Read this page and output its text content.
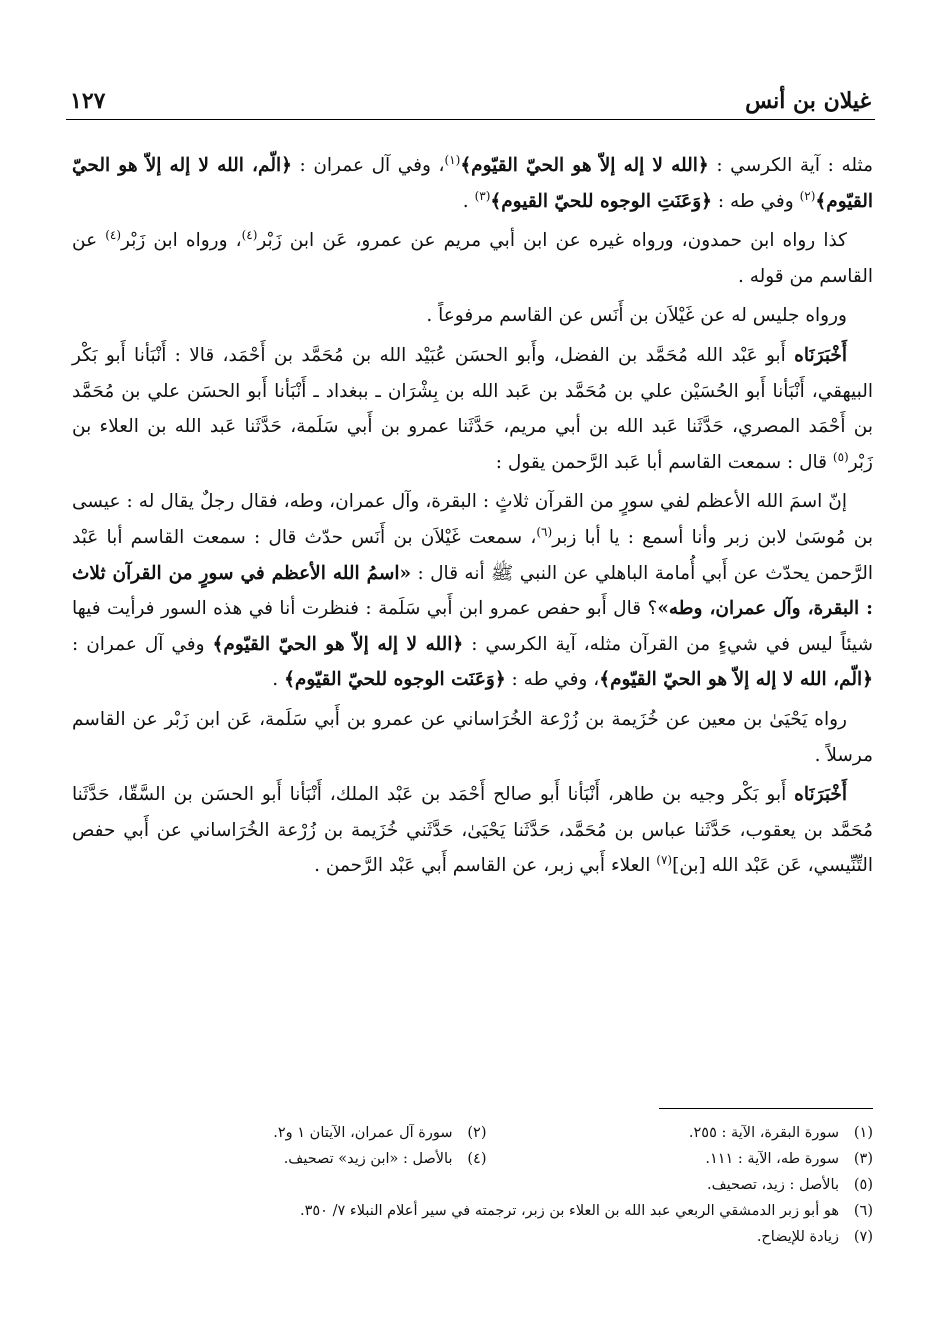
غيلان بن أنس
١٢٧

مثله : آية الكرسي : ﴿الله لا إله إلاّ هو الحيّ القيّوم﴾$^{(١)}$، وفي آل عمران : ﴿الّم، الله لا إله إلاّ هو الحيّ القيّوم﴾$^{(٢)}$ وفي طه : ﴿وَعَنَتِ الوجوه للحيّ القيوم﴾$^{(٣)}$ .

كذا رواه ابن حمدون، ورواه غيره عن ابن أبي مريم عن عمرو، عَن ابن زَبْر$^{(٤)}$، ورواه ابن زَبْر$^{(٤)}$ عن القاسم من قوله .

ورواه جليس له عن غَيْلاَن بن أَنَس عن القاسم مرفوعاً .

أَخْبَرَنَاه أَبو عَبْد الله مُحَمَّد بن الفضل، وأَبو الحسَن عُبَيْد الله بن مُحَمَّد بن أَحْمَد، قالا : أَنْبَأنا أَبو بَكْر البيهقي، أَنْبَأنا أَبو الحُسَيْن علي بن مُحَمَّد بن عَبد الله بن بِشْرَان ـ ببغداد ـ أَنْبَأنا أَبو الحسَن علي بن مُحَمَّد بن أَحْمَد المصري، حَدَّثَنا عَبد الله بن أبي مريم، حَدَّثَنا عمرو بن أَبي سَلَمة، حَدَّثَنا عَبد الله بن العلاء بن زَبْر$^{(٥)}$ قال : سمعت القاسم أبا عَبد الرَّحمن يقول :

إنّ اسمَ الله الأعظم لفي سورٍ من القرآن ثلاثٍ : البقرة، وآل عمران، وطه، فقال رجلٌ يقال له : عيسى بن مُوسَىٰ لابن زبر وأنا أسمع : يا أبا زبر$^{(٦)}$، سمعت غَيْلاَن بن أَنَس حدّث قال : سمعت القاسم أبا عَبْد الرَّحمن يحدّث عن أَبي أُمامة الباهلي عن النبي ﷺ أنه قال : «اسمُ الله الأعظم في سورٍ من القرآن ثلاث : البقرة، وآل عمران، وطه»؟ قال أَبو حفص عمرو ابن أَبي سَلَمة : فنظرت أنا في هذه السور فرأيت فيها شيئاً ليس في شيءٍ من القرآن مثله، آية الكرسي : ﴿الله لا إله إلاّ هو الحيّ القيّوم﴾ وفي آل عمران : ﴿الّم، الله لا إله إلاّ هو الحيّ القيّوم﴾، وفي طه : ﴿وَعَنَت الوجوه للحيّ القيّوم﴾ .

رواه يَحْيَىٰ بن معين عن خُزَيمة بن زُرْعة الخُرَاساني عن عمرو بن أَبي سَلَمة، عَن ابن زَبْر عن القاسم مرسلاً .

أَخْبَرَنَاه أَبو بَكْر وجيه بن طاهر، أَنْبَأنا أَبو صالح أَحْمَد بن عَبْد الملك، أَنْبَأنا أَبو الحسَن بن السَّقّا، حَدَّثَنا مُحَمَّد بن يعقوب، حَدَّثَنا عباس بن مُحَمَّد، حَدَّثَنا يَحْيَىٰ، حَدَّثَني خُزَيمة بن زُرْعة الخُرَاساني عن أَبي حفص التِّنِّيسي، عَن عَبْد الله [بن]$^{(٧)}$ العلاء أَبي زبر، عن القاسم أَبي عَبْد الرَّحمن .

(١)سورة البقرة، الآية : ٢٥٥.
(٢)سورة آل عمران، الآيتان ١ و٢.
(٣)سورة طه، الآية : ١١١.
(٤)بالأصل : «ابن زيد» تصحيف.
(٥)بالأصل : زيد، تصحيف.
(٦)هو أبو زبر الدمشقي الربعي عبد الله بن العلاء بن زبر، ترجمته في سير أعلام النبلاء ٧/ ٣٥٠.
(٧)زيادة للإيضاح.
